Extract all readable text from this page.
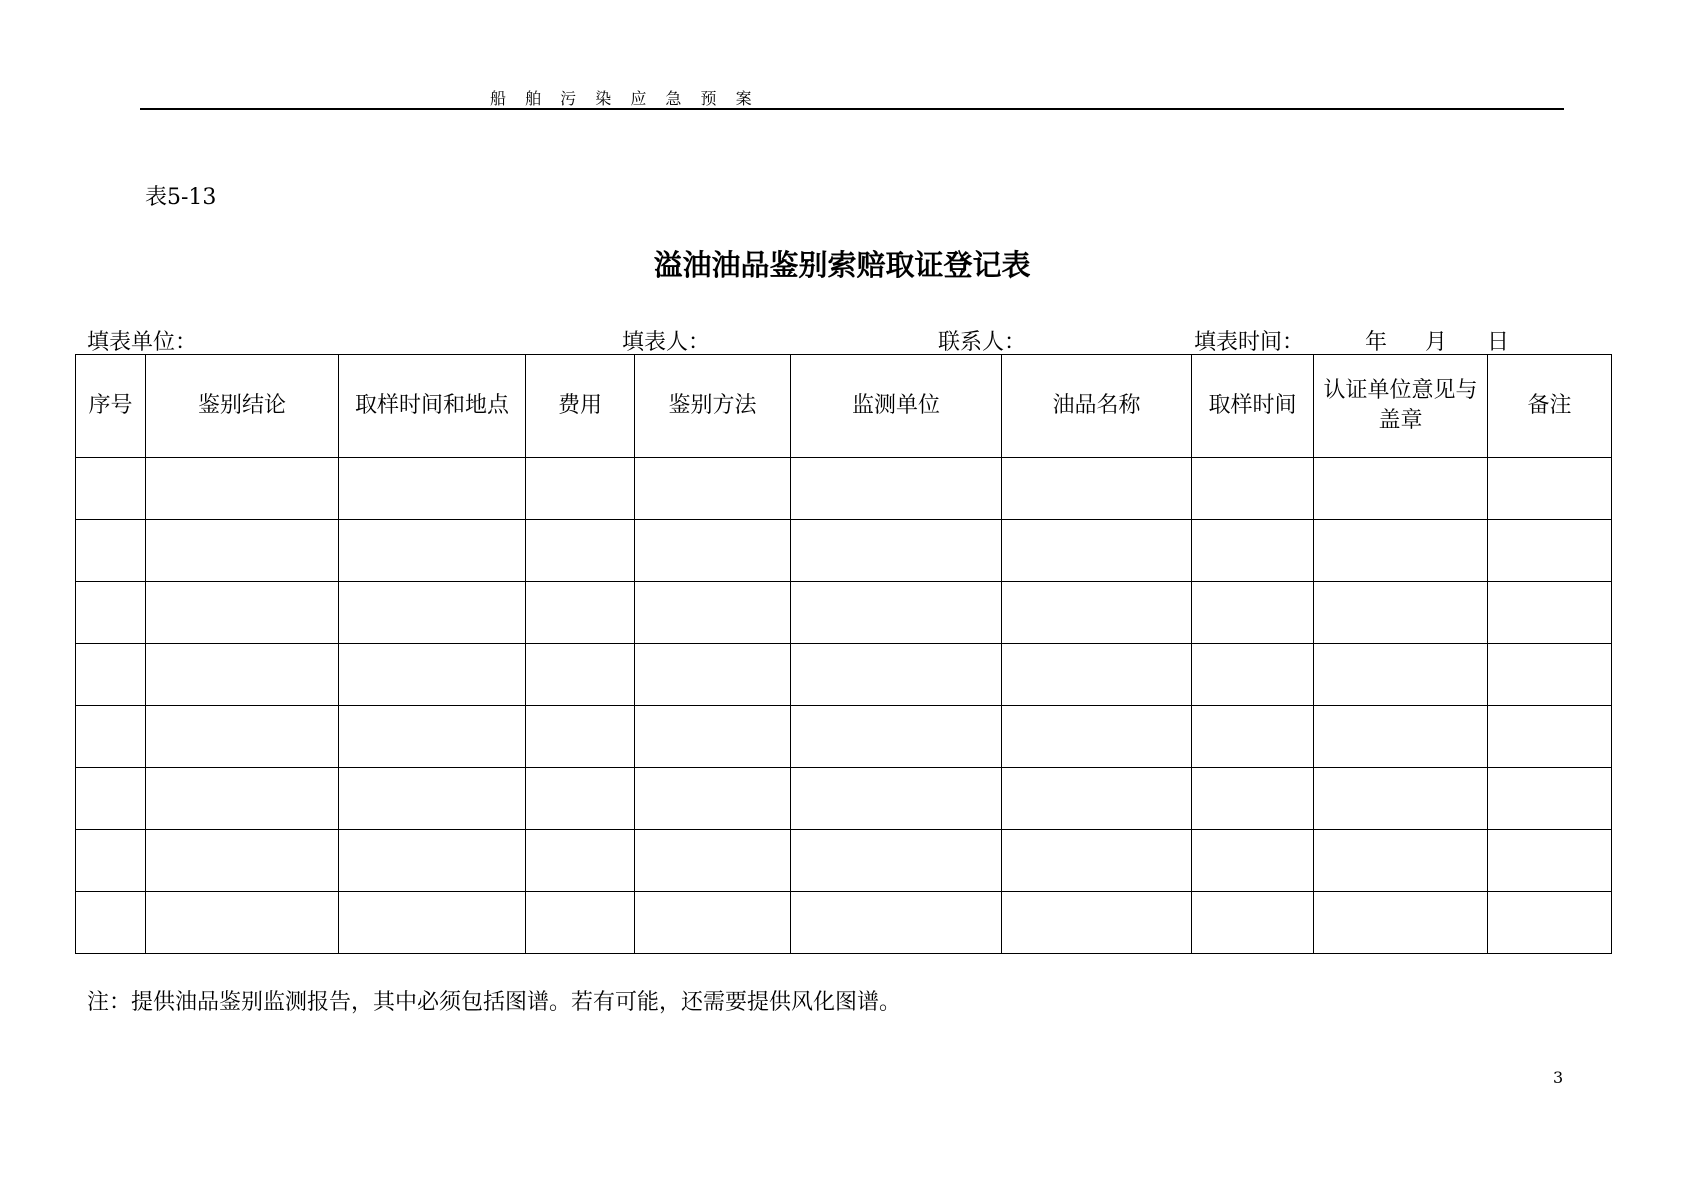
船 舶 污 染 应 急 预 案
表5-13
溢油油品鉴别索赔取证登记表
填表单位：	填表人：	联系人：	填表时间：	年 月 日
序号	鉴别结论	取样时间和地点	费用	鉴别方法	监测单位	油品名称	取样时间	认证单位意见与盖章	备注

注：提供油品鉴别监测报告，其中必须包括图谱。若有可能，还需要提供风化图谱。
3
